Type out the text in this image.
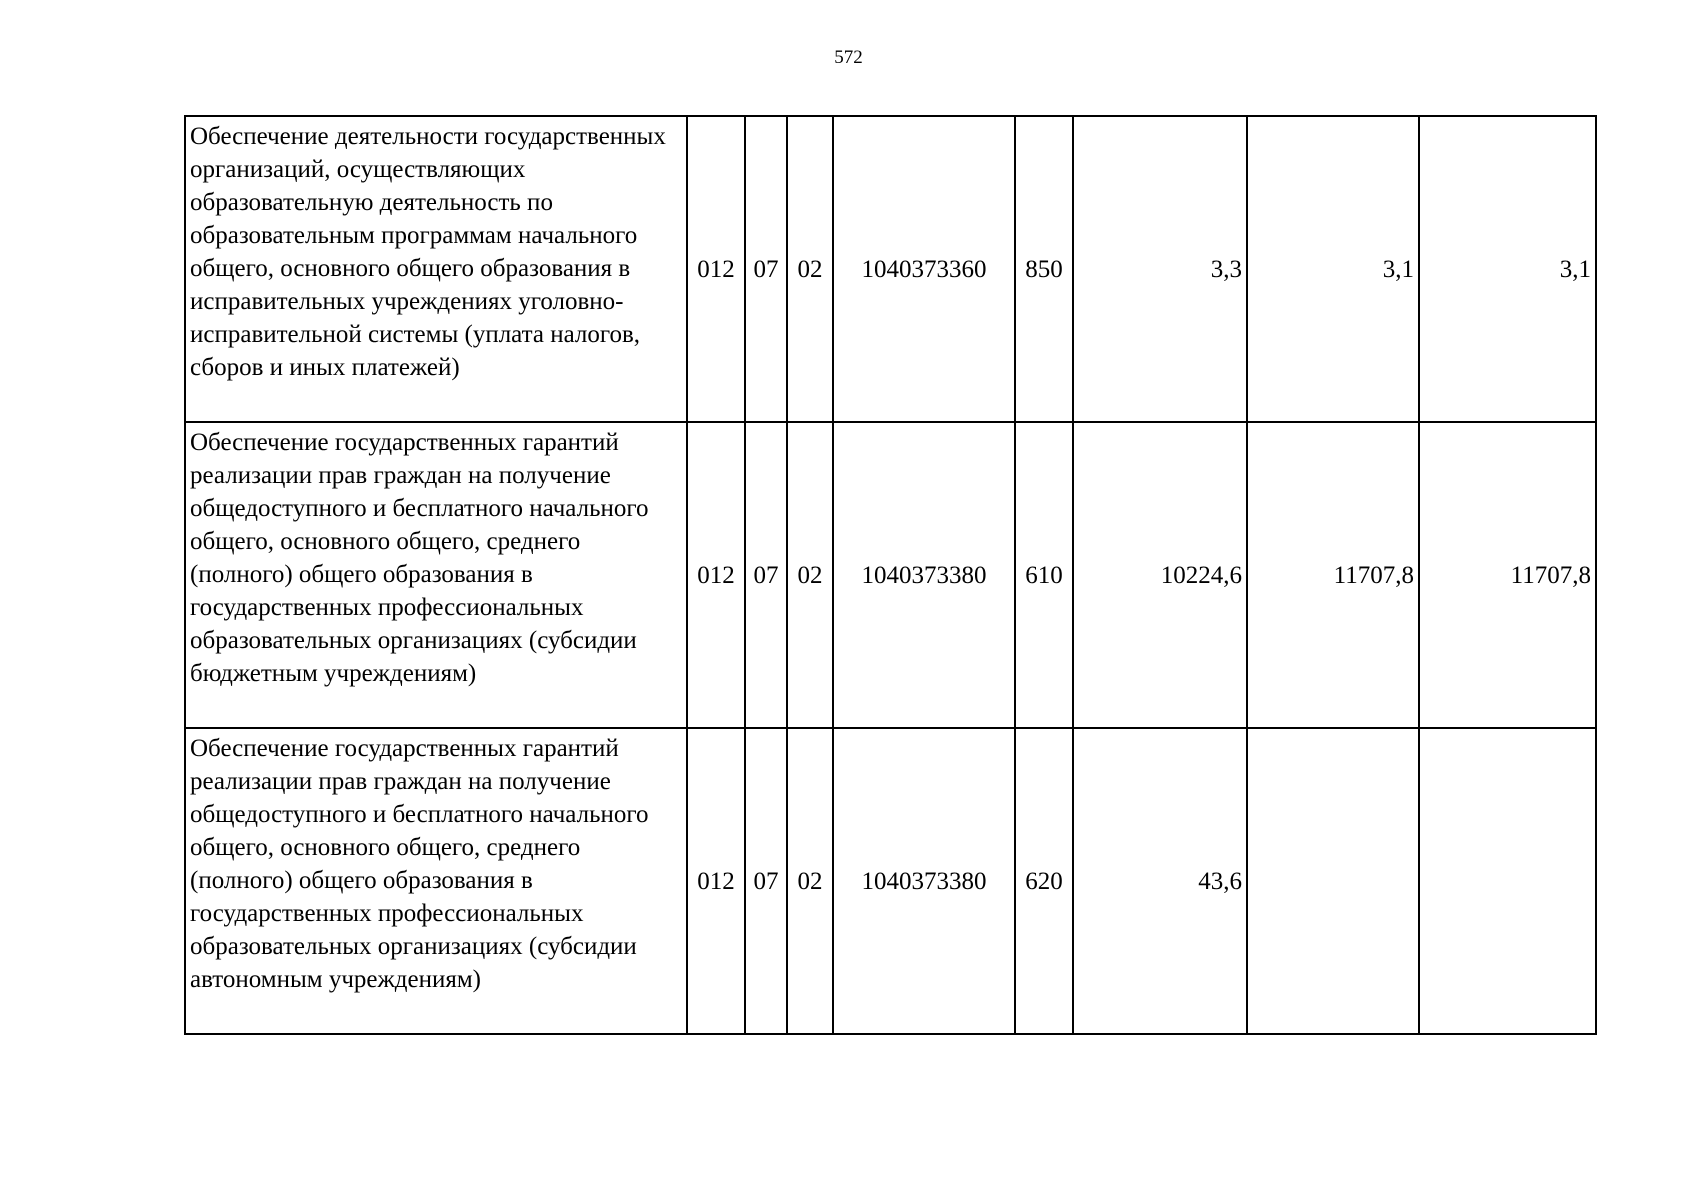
572
Обеспечение деятельности государственных организаций, осуществляющих образовательную деятельность по образовательным программам начального общего, основного общего образования в исправительных учреждениях уголовно-исправительной системы (уплата налогов, сборов и иных платежей)	012	07	02	1040373360	850	3,3	3,1	3,1
Обеспечение государственных гарантий реализации прав граждан на получение общедоступного и бесплатного начального общего, основного общего, среднего (полного) общего образования в государственных профессиональных образовательных организациях (субсидии бюджетным учреждениям)	012	07	02	1040373380	610	10224,6	11707,8	11707,8
Обеспечение государственных гарантий реализации прав граждан на получение общедоступного и бесплатного начального общего, основного общего, среднего (полного) общего образования в государственных профессиональных образовательных организациях (субсидии автономным учреждениям)	012	07	02	1040373380	620	43,6		
